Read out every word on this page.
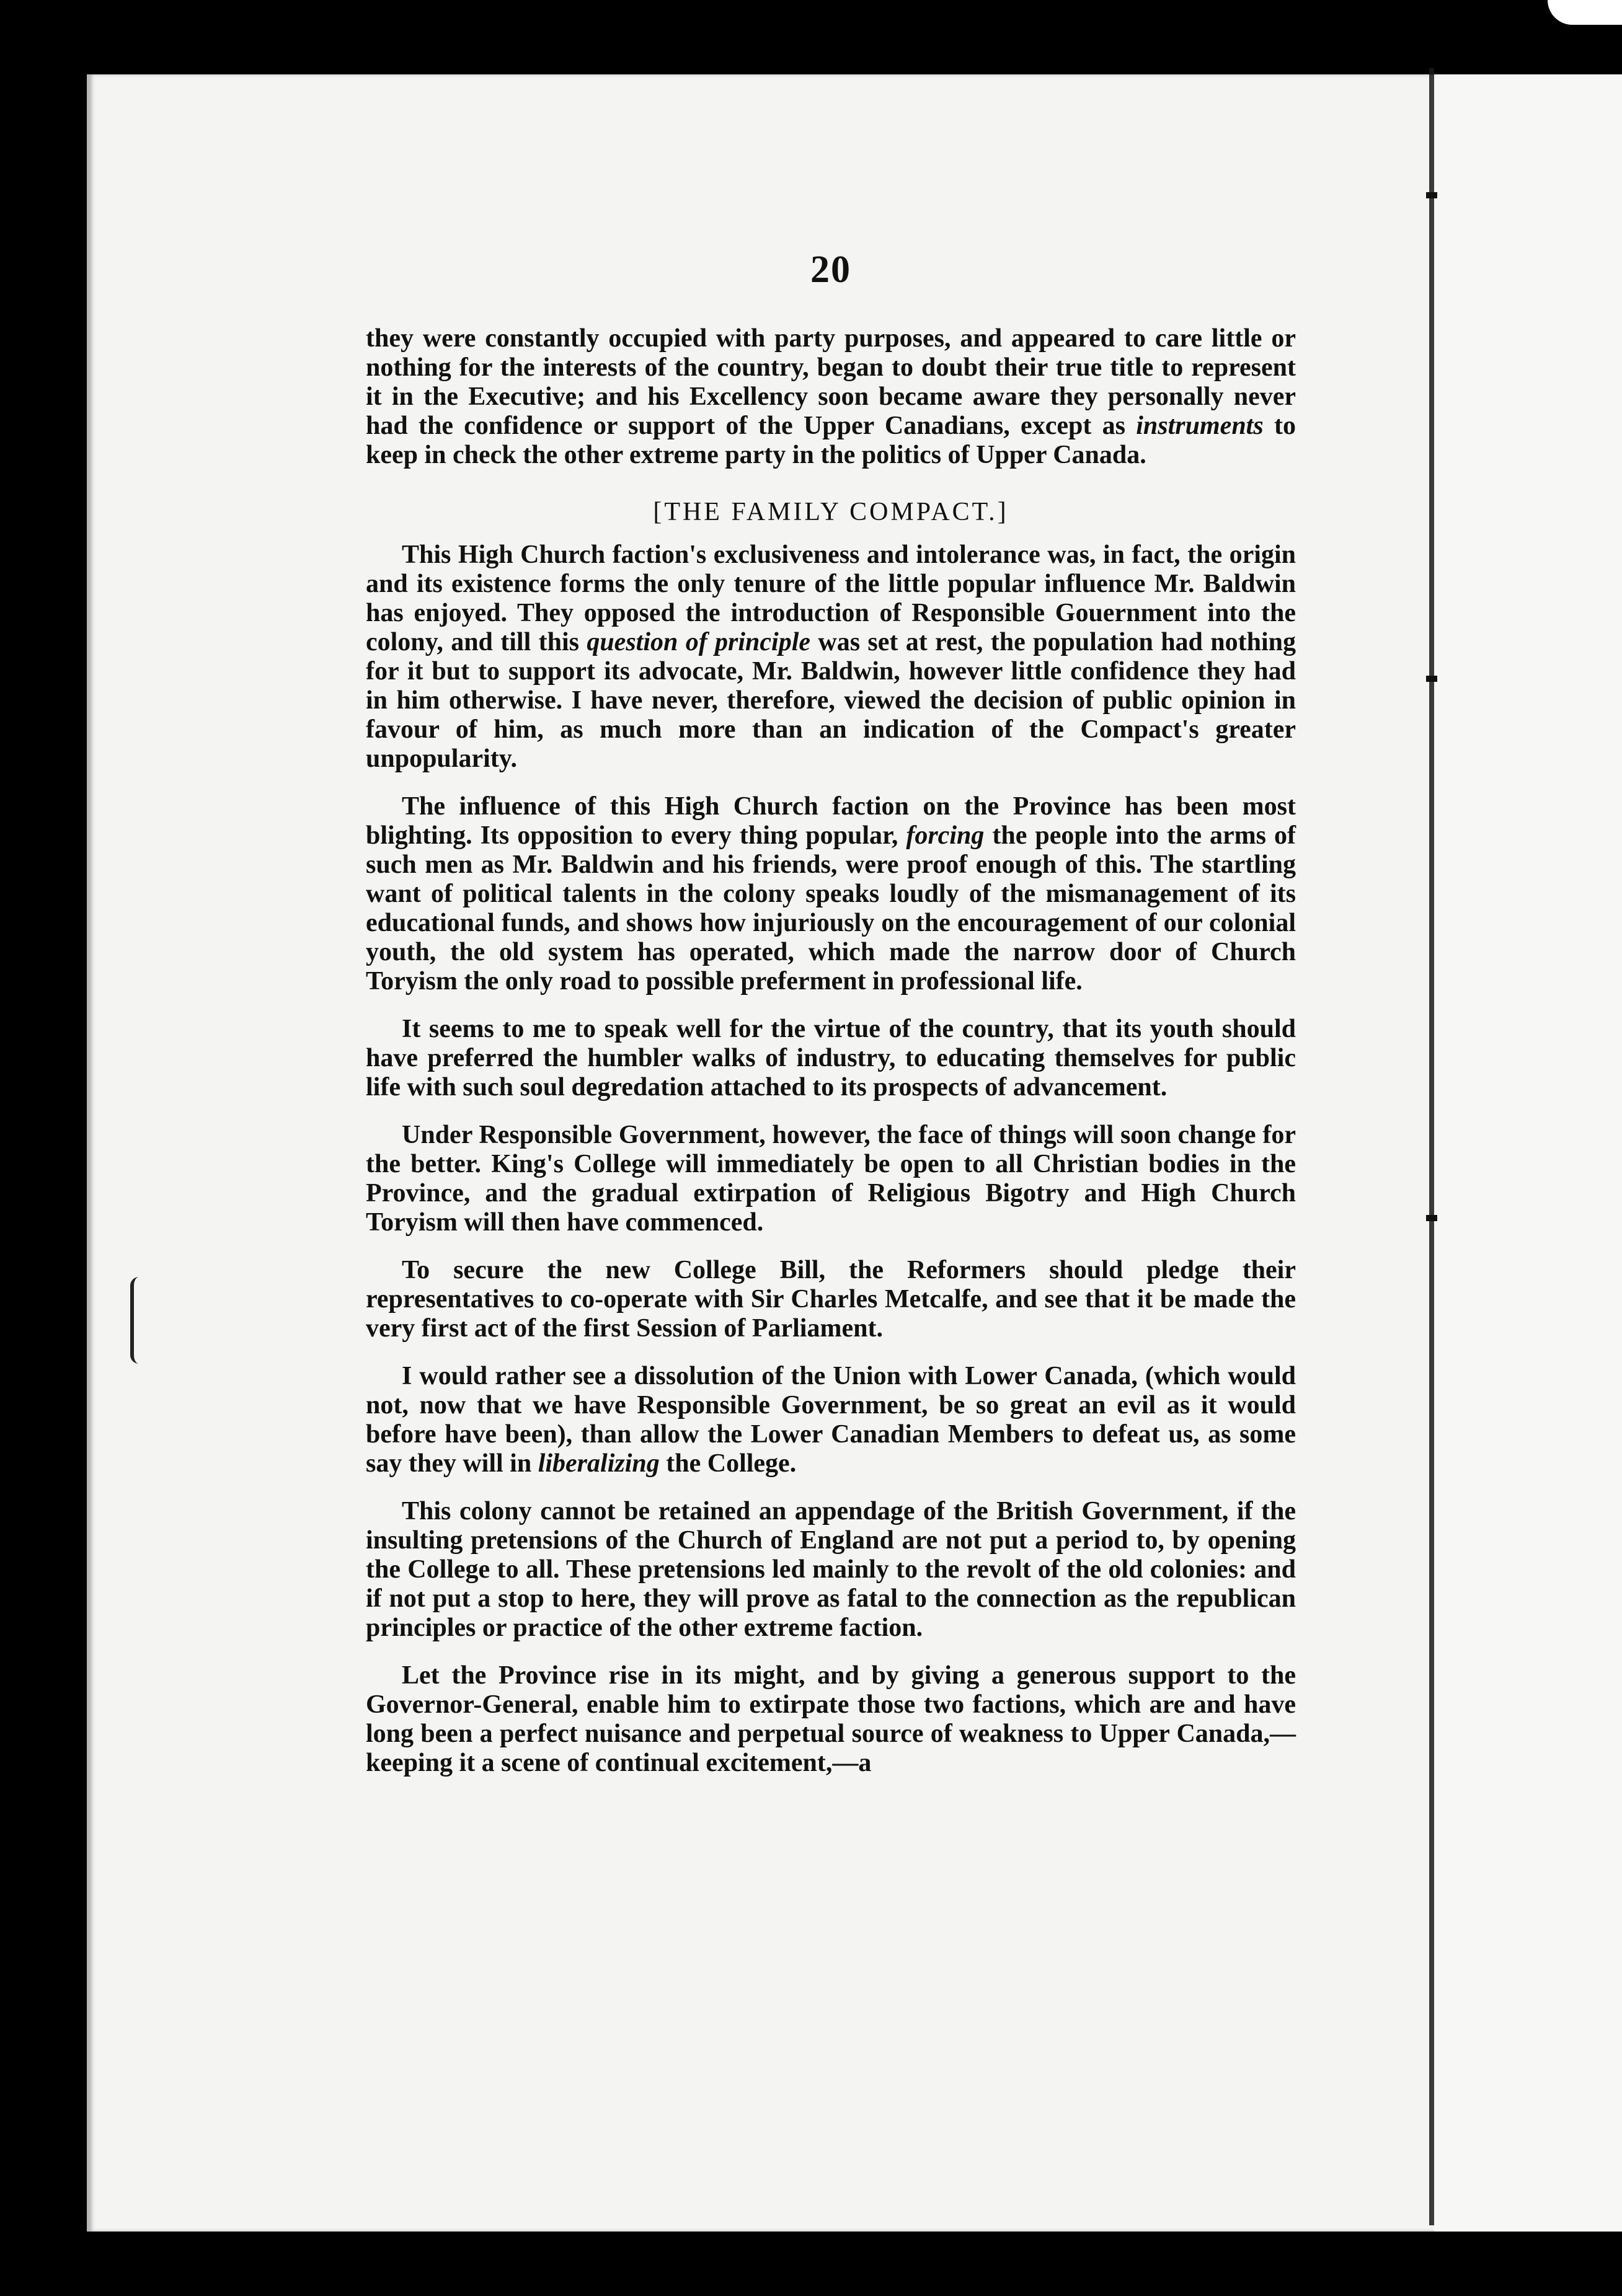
20

they were constantly occupied with party purposes, and appeared to care little or nothing for the interests of the country, began to doubt their true title to represent it in the Executive; and his Excellency soon became aware they personally never had the confidence or support of the Upper Canadians, except as instruments to keep in check the other extreme party in the politics of Upper Canada.

[THE FAMILY COMPACT.]

This High Church faction's exclusiveness and intolerance was, in fact, the origin and its existence forms the only tenure of the little popular influence Mr. Baldwin has enjoyed. They opposed the introduction of Responsible Gouernment into the colony, and till this question of principle was set at rest, the population had nothing for it but to support its advocate, Mr. Baldwin, however little confidence they had in him otherwise. I have never, therefore, viewed the decision of public opinion in favour of him, as much more than an indication of the Compact's greater unpopularity.

The influence of this High Church faction on the Province has been most blighting. Its opposition to every thing popular, forcing the people into the arms of such men as Mr. Baldwin and his friends, were proof enough of this. The startling want of political talents in the colony speaks loudly of the mismanagement of its educational funds, and shows how injuriously on the encouragement of our colonial youth, the old system has operated, which made the narrow door of Church Toryism the only road to possible preferment in professional life.

It seems to me to speak well for the virtue of the country, that its youth should have preferred the humbler walks of industry, to educating themselves for public life with such soul degredation attached to its prospects of advancement.

Under Responsible Government, however, the face of things will soon change for the better. King's College will immediately be open to all Christian bodies in the Province, and the gradual extirpation of Religious Bigotry and High Church Toryism will then have commenced.

To secure the new College Bill, the Reformers should pledge their representatives to co-operate with Sir Charles Metcalfe, and see that it be made the very first act of the first Session of Parliament.

I would rather see a dissolution of the Union with Lower Canada, (which would not, now that we have Responsible Government, be so great an evil as it would before have been), than allow the Lower Canadian Members to defeat us, as some say they will in liberalizing the College.

This colony cannot be retained an appendage of the British Government, if the insulting pretensions of the Church of England are not put a period to, by opening the College to all. These pretensions led mainly to the revolt of the old colonies: and if not put a stop to here, they will prove as fatal to the connection as the republican principles or practice of the other extreme faction.

Let the Province rise in its might, and by giving a generous support to the Governor-General, enable him to extirpate those two factions, which are and have long been a perfect nuisance and perpetual source of weakness to Upper Canada,—keeping it a scene of continual excitement,—a
